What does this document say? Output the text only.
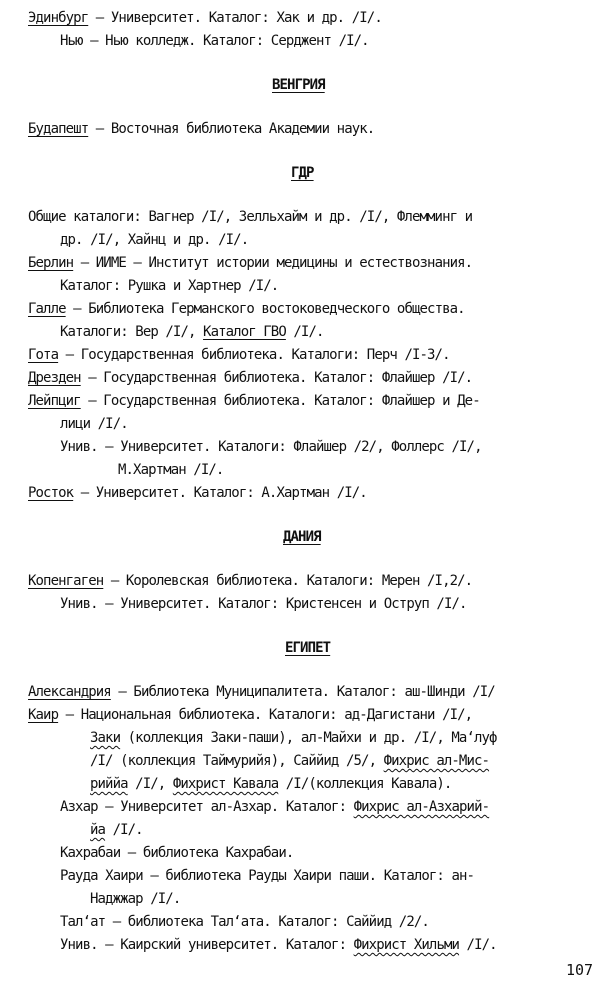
Эдинбург – Университет. Каталог: Хак и др. /I/.
Нью – Нью колледж. Каталог: Серджент /I/.
ВЕНГРИЯ
Будапешт – Восточная библиотека Академии наук.
ГДР
Общие каталоги: Вагнер /I/, Зелльхайм и др. /I/, Флемминг и
др. /I/, Хайнц и др. /I/.
Берлин – ИИМЕ – Институт истории медицины и естествознания.
Каталог: Рушка и Хартнер /I/.
Галле – Библиотека Германского востоковедческого общества.
Каталоги: Вер /I/, Каталог ГВО /I/.
Гота – Государственная библиотека. Каталоги: Перч /I-3/.
Дрезден – Государственная библиотека. Каталог: Флайшер /I/.
Лейпциг – Государственная библиотека. Каталог: Флайшер и Де-
лици /I/.
Унив. – Университет. Каталоги: Флайшер /2/, Фоллерс /I/,
М.Хартман /I/.
Росток – Университет. Каталог: А.Хартман /I/.
ДАНИЯ
Копенгаген – Королевская библиотека. Каталоги: Мерен /I,2/.
Унив. – Университет. Каталог: Кристенсен и Оструп /I/.
ЕГИПЕТ
Александрия – Библиотека Муниципалитета. Каталог: аш-Шинди /I/
Каир – Национальная библиотека. Каталоги: ад-Дагистани /I/,
Заки (коллекция Заки-паши), ал-Майхи и др. /I/, Ма‘луф
/I/ (коллекция Таймурийя), Саййид /5/, Фихрис ал-Мис-
риййа /I/, Фихрист Кавала /I/(коллекция Кавала).
Азхар – Университет ал-Азхар. Каталог: Фихрис ал-Азхарий-
йа /I/.
Кахрабаи – библиотека Кахрабаи.
Рауда Хаири – библиотека Рауды Хаири паши. Каталог: ан-
Наджжар /I/.
Тал‘ат – библиотека Тал‘ата. Каталог: Саййид /2/.
Унив. – Каирский университет. Каталог: Фихрист Хильми /I/.
107
